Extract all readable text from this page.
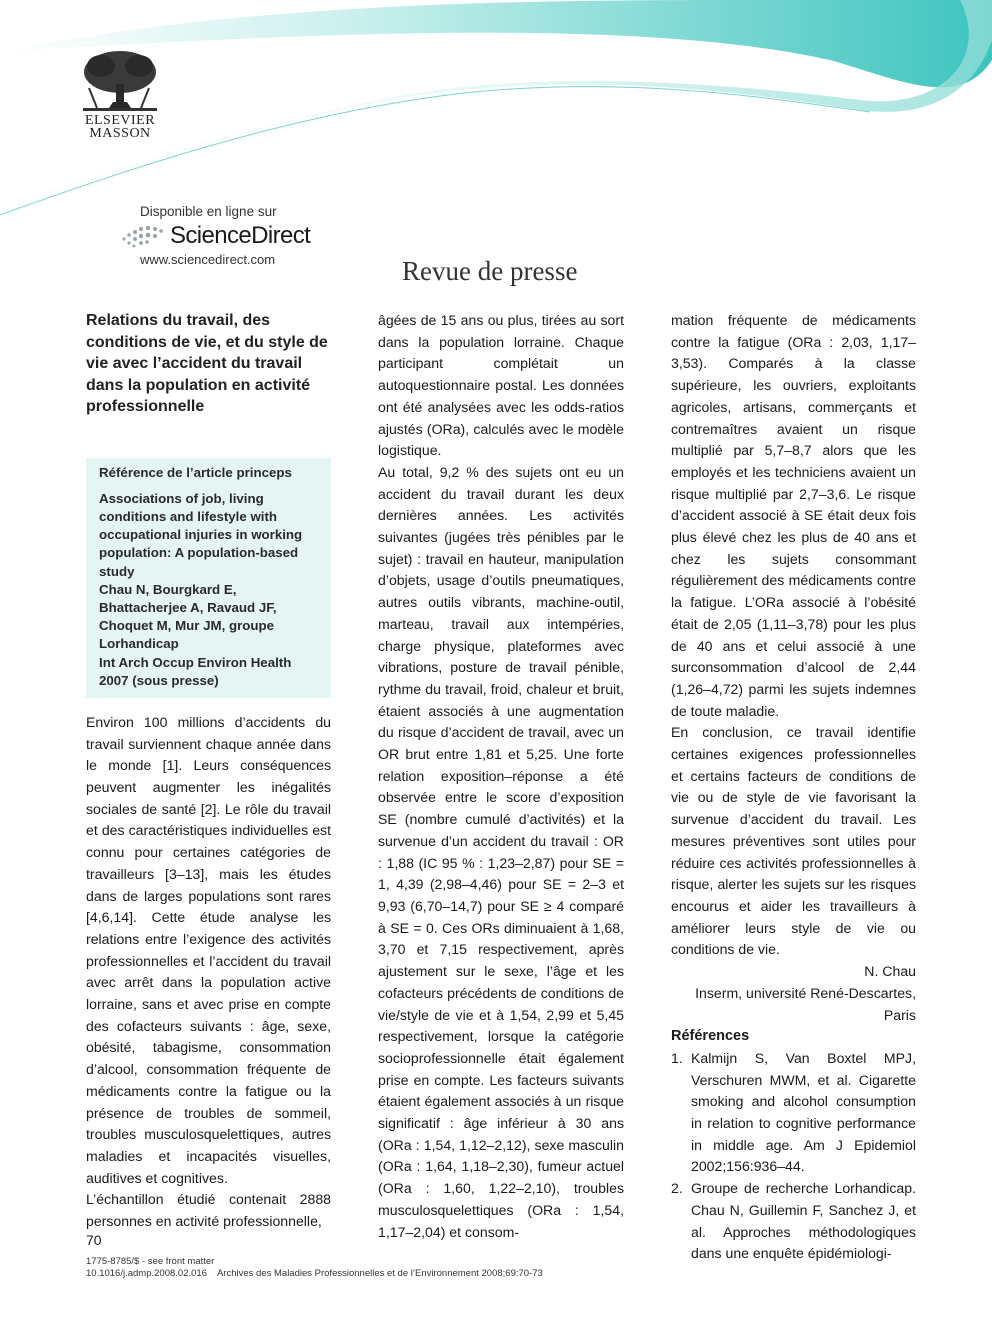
ELSEVIER
MASSON
Disponible en ligne sur
ScienceDirect
www.sciencedirect.com	Revue de presse
Relations du travail, des conditions de vie, et du style de vie avec l’accident du travail dans la population en activité professionnelle
Référence de l’article princeps
Associations of job, living conditions and lifestyle with occupational injuries in working population: A population-based study
Chau N, Bourgkard E, Bhattacherjee A, Ravaud JF, Choquet M, Mur JM, groupe Lorhandicap
Int Arch Occup Environ Health 2007 (sous presse)

Environ 100 millions d’accidents du travail surviennent chaque année dans le monde [1]. Leurs conséquences peuvent augmenter les inégalités sociales de santé [2]. Le rôle du travail et des caractéristiques individuelles est connu pour certaines catégories de travailleurs [3–13], mais les études dans de larges populations sont rares [4,6,14]. Cette étude analyse les relations entre l’exigence des activités professionnelles et l’accident du travail avec arrêt dans la population active lorraine, sans et avec prise en compte des cofacteurs suivants : âge, sexe, obésité, tabagisme, consommation d’alcool, consommation fréquente de médicaments contre la fatigue ou la présence de troubles de sommeil, troubles musculosquelettiques, autres maladies et incapacités visuelles, auditives et cognitives.

L’échantillon étudié contenait 2888 personnes en activité professionnelle,

âgées de 15 ans ou plus, tirées au sort dans la population lorraine. Chaque participant complétait un autoquestionnaire postal. Les données ont été analysées avec les odds-ratios ajustés (ORa), calculés avec le modèle logistique.

Au total, 9,2 % des sujets ont eu un accident du travail durant les deux dernières années. Les activités suivantes (jugées très pénibles par le sujet) : travail en hauteur, manipulation d’objets, usage d’outils pneumatiques, autres outils vibrants, machine-outil, marteau, travail aux intempéries, charge physique, plateformes avec vibrations, posture de travail pénible, rythme du travail, froid, chaleur et bruit, étaient associés à une augmentation du risque d’accident de travail, avec un OR brut entre 1,81 et 5,25. Une forte relation exposition–réponse a été observée entre le score d’exposition SE (nombre cumulé d’activités) et la survenue d’un accident du travail : OR : 1,88 (IC 95 % : 1,23–2,87) pour SE = 1, 4,39 (2,98–4,46) pour SE = 2–3 et 9,93 (6,70–14,7) pour SE ≥ 4 comparé à SE = 0. Ces ORs diminuaient à 1,68, 3,70 et 7,15 respectivement, après ajustement sur le sexe, l’âge et les cofacteurs précédents de conditions de vie/style de vie et à 1,54, 2,99 et 5,45 respectivement, lorsque la catégorie socioprofessionnelle était également prise en compte. Les facteurs suivants étaient également associés à un risque significatif : âge inférieur à 30 ans (ORa : 1,54, 1,12–2,12), sexe masculin (ORa : 1,64, 1,18–2,30), fumeur actuel (ORa : 1,60, 1,22–2,10), troubles musculosquelettiques (ORa : 1,54, 1,17–2,04) et consom-

mation fréquente de médicaments contre la fatigue (ORa : 2,03, 1,17–3,53). Comparés à la classe supérieure, les ouvriers, exploitants agricoles, artisans, commerçants et contremaîtres avaient un risque multiplié par 5,7–8,7 alors que les employés et les techniciens avaient un risque multiplié par 2,7–3,6. Le risque d’accident associé à SE était deux fois plus élevé chez les plus de 40 ans et chez les sujets consommant régulièrement des médicaments contre la fatigue. L’ORa associé à l’obésité était de 2,05 (1,11–3,78) pour les plus de 40 ans et celui associé à une surconsommation d’alcool de 2,44 (1,26–4,72) parmi les sujets indemnes de toute maladie.

En conclusion, ce travail identifie certaines exigences professionnelles et certains facteurs de conditions de vie ou de style de vie favorisant la survenue d’accident du travail. Les mesures préventives sont utiles pour réduire ces activités professionnelles à risque, alerter les sujets sur les risques encourus et aider les travailleurs à améliorer leurs style de vie ou conditions de vie.

N. Chau

Inserm, université René-Descartes, Paris

Références
1. Kalmijn S, Van Boxtel MPJ, Verschuren MWM, et al. Cigarette smoking and alcohol consumption in relation to cognitive performance in middle age. Am J Epidemiol 2002;156:936–44.
2. Groupe de recherche Lorhandicap. Chau N, Guillemin F, Sanchez J, et al. Approches méthodologiques dans une enquête épidémiologi-
70
1775-8785/$ - see front matter
10.1016/j.admp.2008.02.016 Archives des Maladies Professionnelles et de l’Environnement 2008;69:70-73
